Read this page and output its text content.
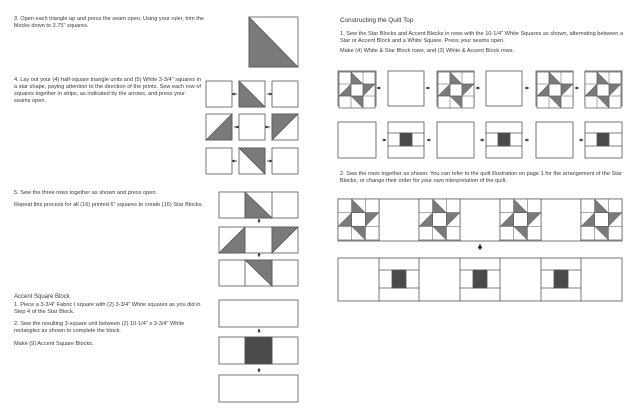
3. Open each triangle up and press the seam open. Using your ruler, trim the blocks down to 3.75" squares.
4. Lay out your (4) half-square triangle units and (5) White 3-3/4" squares in a star shape, paying attention to the direction of the prints. Sew each row of squares together in strips, as indicated by the arrows, and press your seams open.
5. Sew the three rows together as shown and press open.
Repeat this process for all (16) printed 6" squares to create (16) Star Blocks.
Accent Square Block
1. Piece a 3-3/4" Fabric I square with (2) 3-3/4" White squares as you did in Step 4 of the Star Block.
2. Sew the resulting 3-square unit between (2) 10-1/4" x 3-3/4" White rectangles as shown to complete the block.
Make (9) Accent Square Blocks.
Constructing the Quilt Top
1. Sew the Star Blocks and Accent Blocks in rows with the 10-1/4" White Squares as shown, alternating between a Star or Accent Block and a White Square. Press your seams open.
Make (4) White & Star Block rows, and (3) White & Accent Block rows.
2. Sew the rows together as shown. You can refer to the quilt illustration on page 1 for the arrangement of the Star Blocks, or change their order for your own interpretation of the quilt.
